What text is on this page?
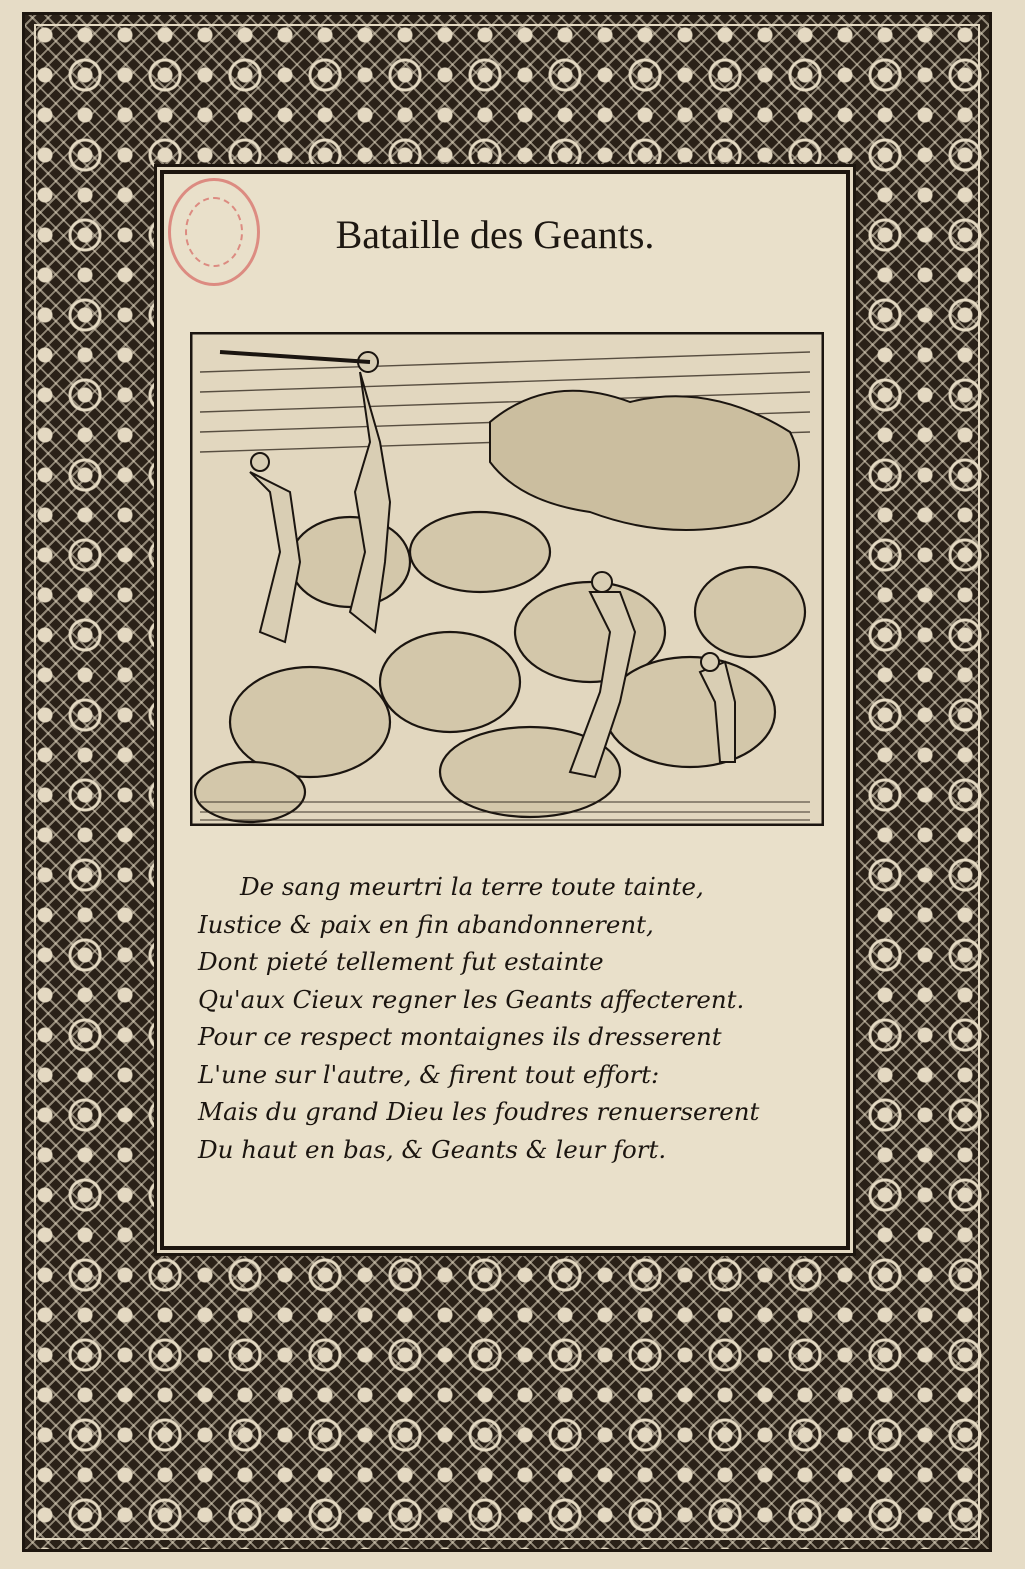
Bataille des Geants.
De sang meurtri la terre toute tainte,
Iustice & paix en fin abandonnerent,
Dont pieté tellement fut estainte
Qu'aux Cieux regner les Geants affecterent.
Pour ce respect montaignes ils dresserent
L'une sur l'autre, & firent tout effort:
Mais du grand Dieu les foudres renuerserent
Du haut en bas, & Geants & leur fort.
